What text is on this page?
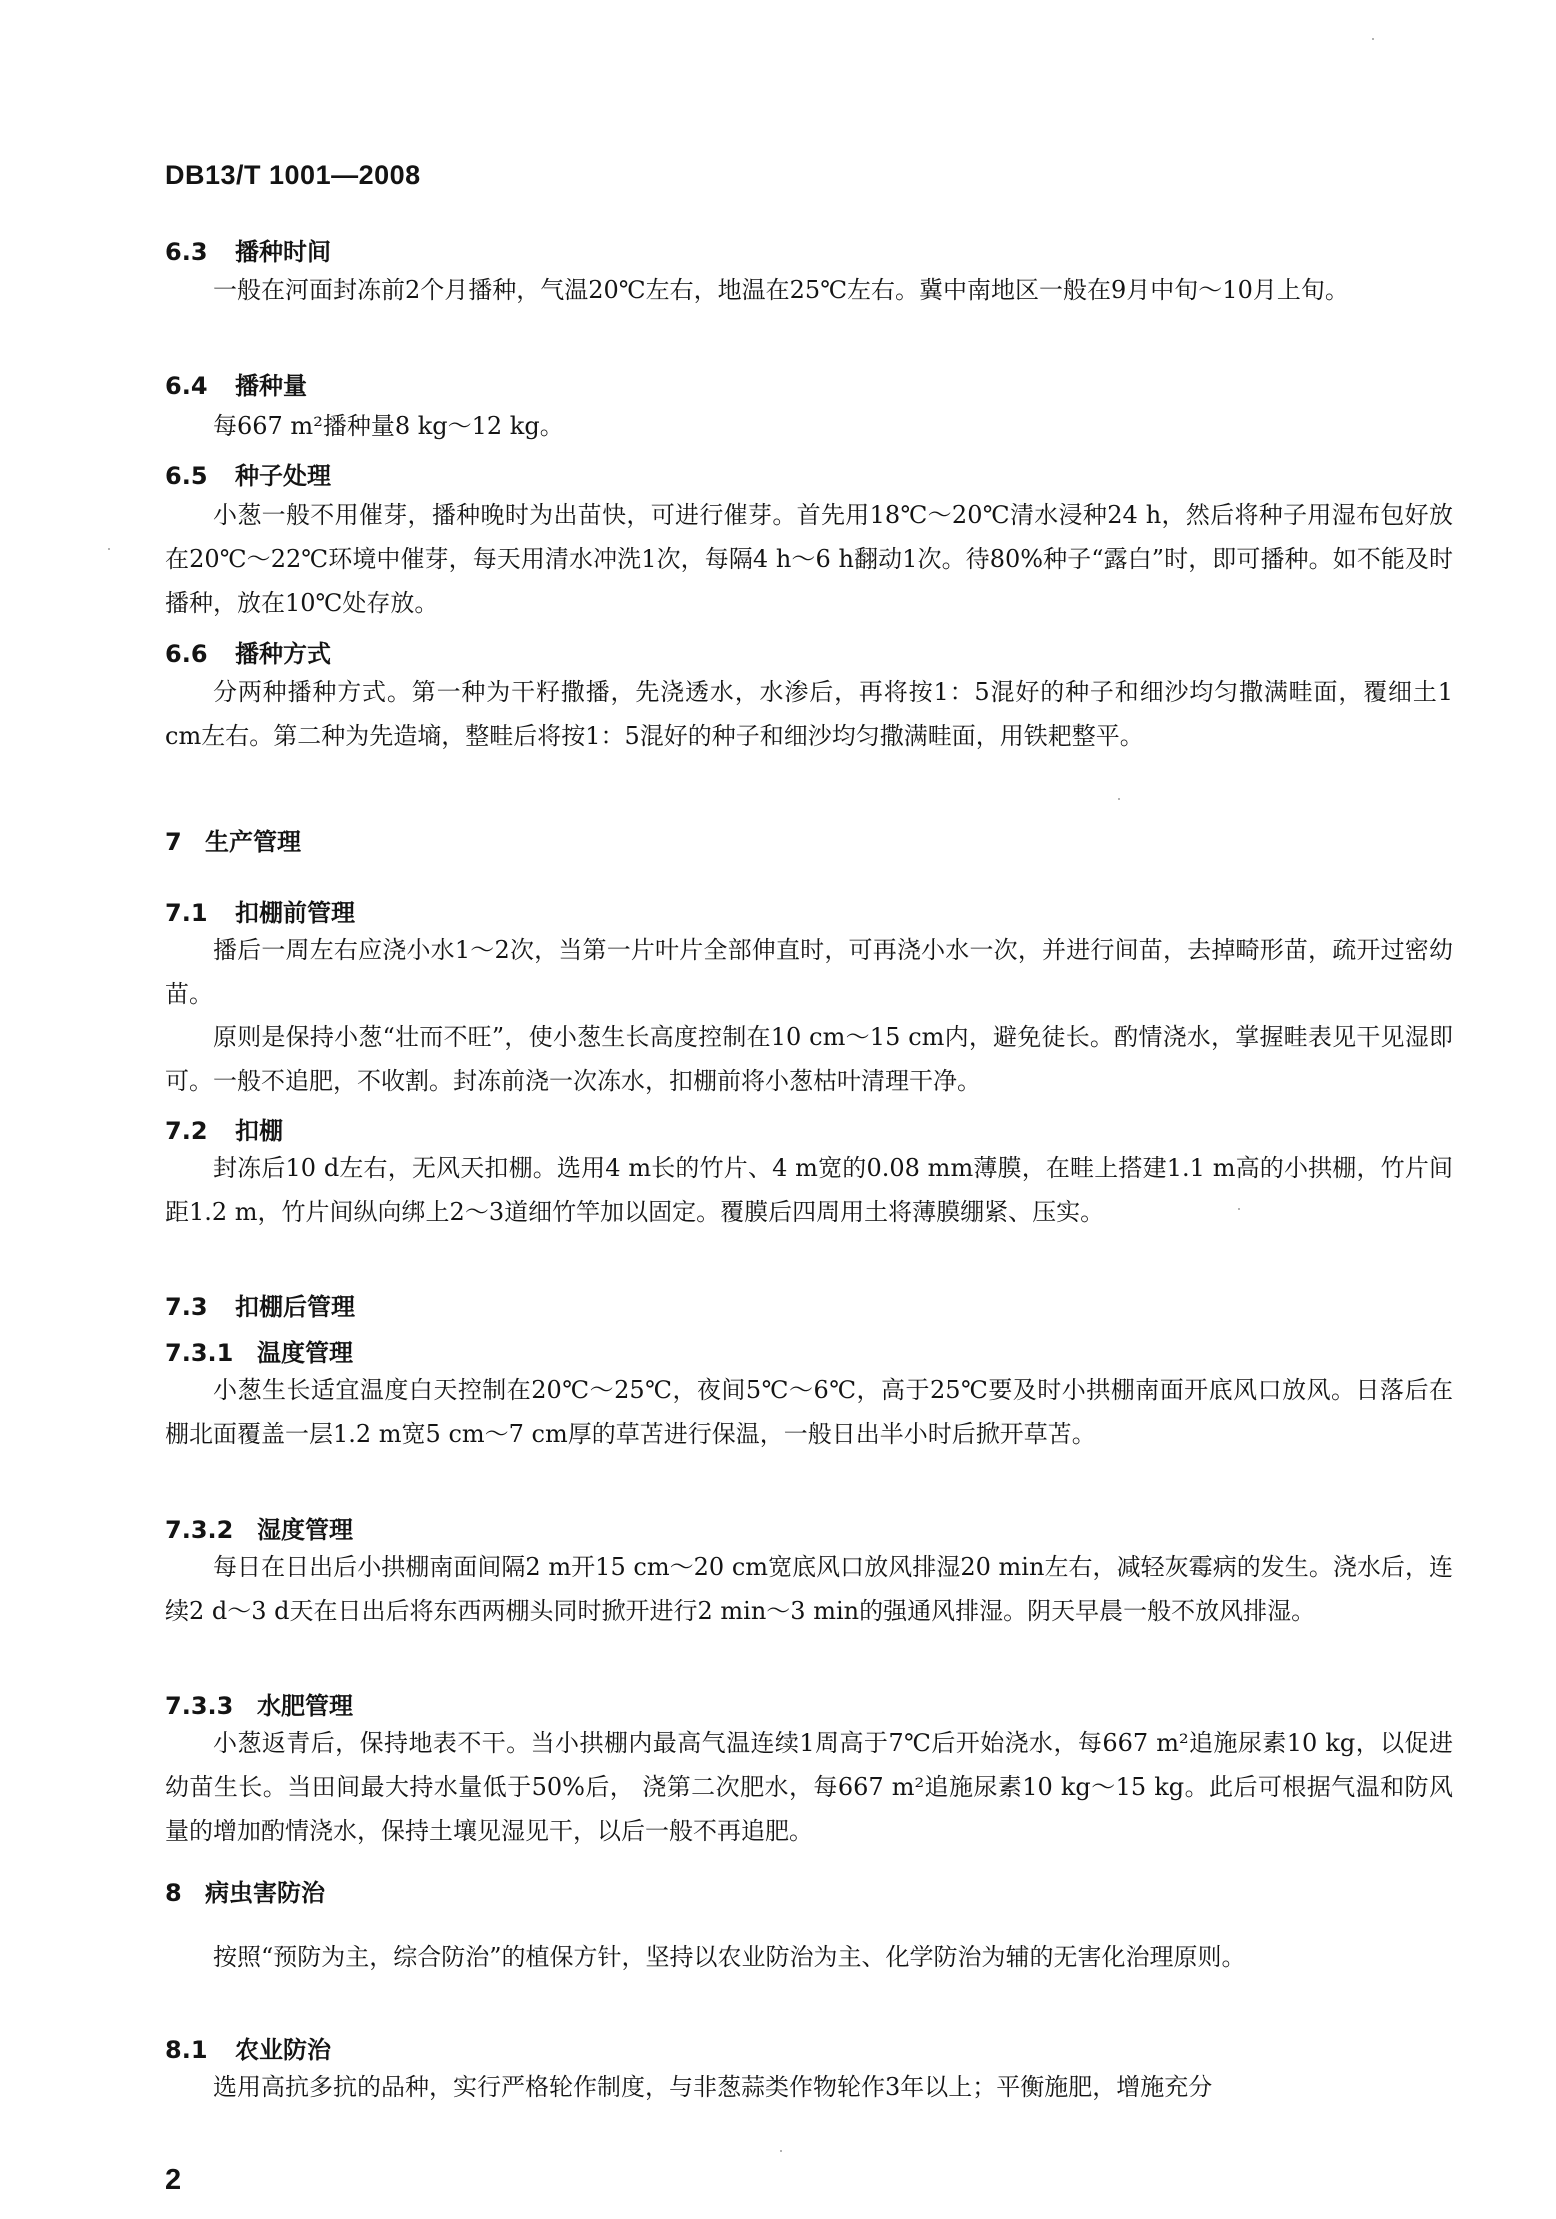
DB13/T 1001—2008
6.3 播种时间
一般在河面封冻前2个月播种，气温20℃左右，地温在25℃左右。冀中南地区一般在9月中旬～10月上旬。
6.4 播种量
每667 m²播种量8 kg～12 kg。
6.5 种子处理
小葱一般不用催芽，播种晚时为出苗快，可进行催芽。首先用18℃～20℃清水浸种24 h，然后将种子用湿布包好放在20℃～22℃环境中催芽，每天用清水冲洗1次，每隔4 h～6 h翻动1次。待80%种子“露白”时，即可播种。如不能及时播种，放在10℃处存放。
6.6 播种方式
分两种播种方式。第一种为干籽撒播，先浇透水，水渗后，再将按1：5混好的种子和细沙均匀撒满畦面，覆细土1 cm左右。第二种为先造墒，整畦后将按1：5混好的种子和细沙均匀撒满畦面，用铁耙整平。
7 生产管理
7.1 扣棚前管理
播后一周左右应浇小水1～2次，当第一片叶片全部伸直时，可再浇小水一次，并进行间苗，去掉畸形苗，疏开过密幼苗。
原则是保持小葱“壮而不旺”，使小葱生长高度控制在10 cm～15 cm内，避免徒长。酌情浇水，掌握畦表见干见湿即可。一般不追肥，不收割。封冻前浇一次冻水，扣棚前将小葱枯叶清理干净。
7.2 扣棚
封冻后10 d左右，无风天扣棚。选用4 m长的竹片、4 m宽的0.08 mm薄膜，在畦上搭建1.1 m高的小拱棚，竹片间距1.2 m，竹片间纵向绑上2～3道细竹竿加以固定。覆膜后四周用土将薄膜绷紧、压实。
7.3 扣棚后管理
7.3.1 温度管理
小葱生长适宜温度白天控制在20℃～25℃，夜间5℃～6℃，高于25℃要及时小拱棚南面开底风口放风。日落后在棚北面覆盖一层1.2 m宽5 cm～7 cm厚的草苫进行保温，一般日出半小时后掀开草苫。
7.3.2 湿度管理
每日在日出后小拱棚南面间隔2 m开15 cm～20 cm宽底风口放风排湿20 min左右，减轻灰霉病的发生。浇水后，连续2 d～3 d天在日出后将东西两棚头同时掀开进行2 min～3 min的强通风排湿。阴天早晨一般不放风排湿。
7.3.3 水肥管理
小葱返青后，保持地表不干。当小拱棚内最高气温连续1周高于7℃后开始浇水，每667 m²追施尿素10 kg，以促进幼苗生长。当田间最大持水量低于50%后， 浇第二次肥水，每667 m²追施尿素10 kg～15 kg。此后可根据气温和防风量的增加酌情浇水，保持土壤见湿见干，以后一般不再追肥。
8 病虫害防治
按照“预防为主，综合防治”的植保方针，坚持以农业防治为主、化学防治为辅的无害化治理原则。
8.1 农业防治
选用高抗多抗的品种，实行严格轮作制度，与非葱蒜类作物轮作3年以上；平衡施肥，增施充分
2
